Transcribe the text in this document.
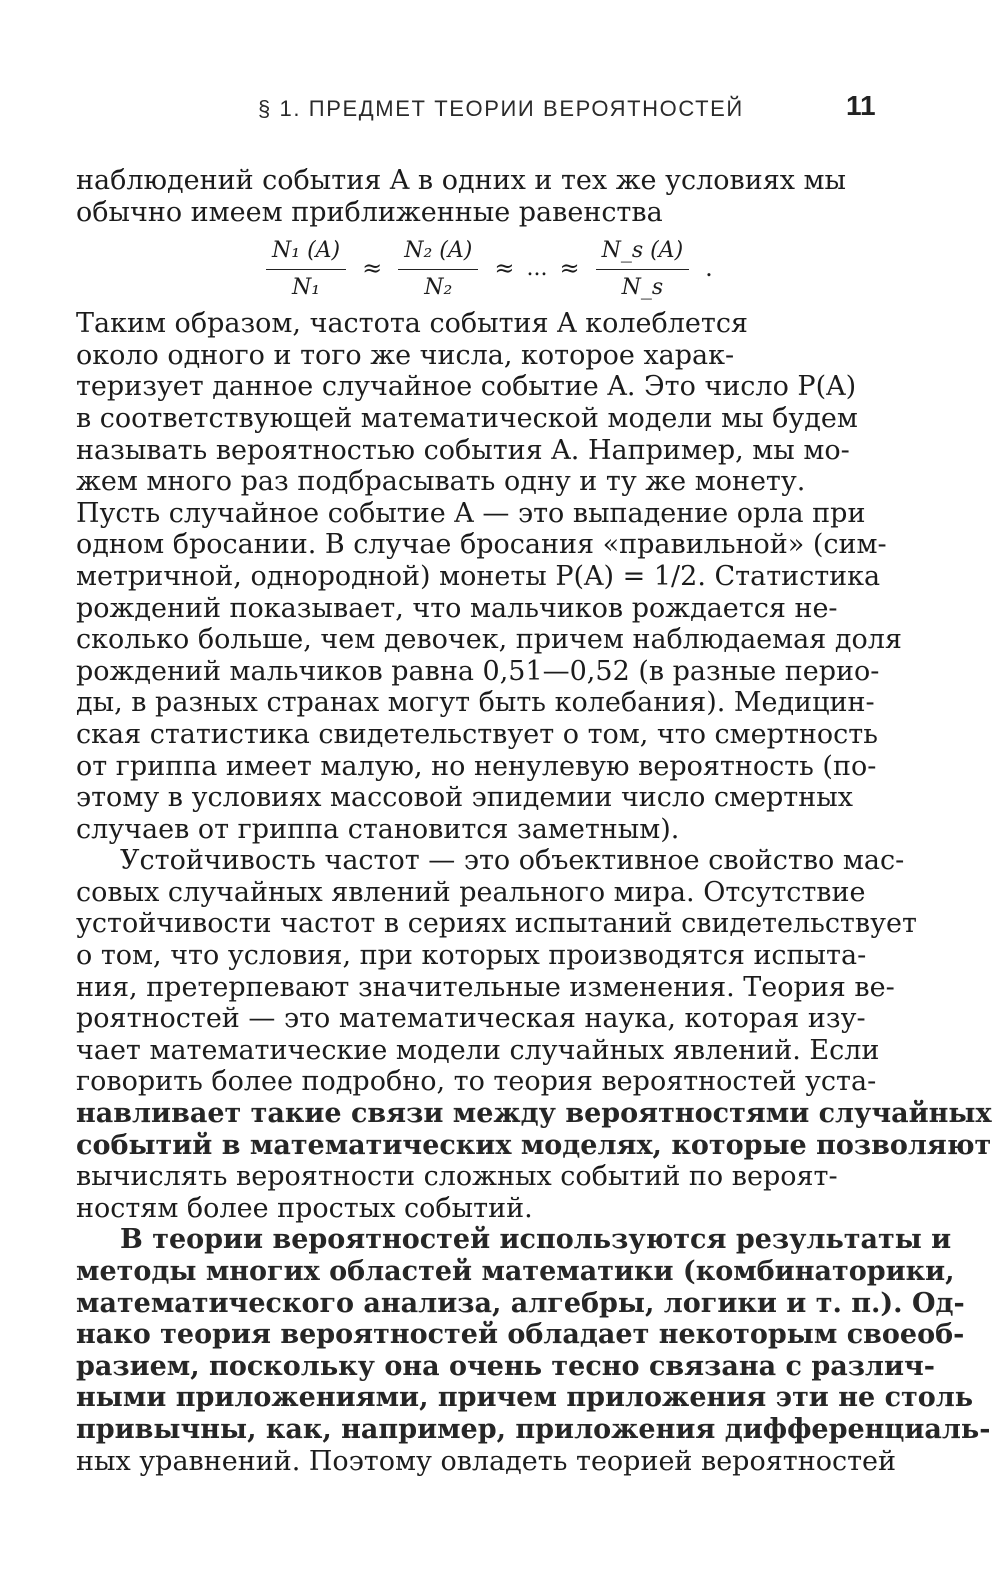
§ 1. ПРЕДМЕТ ТЕОРИИ ВЕРОЯТНОСТЕЙ	11
наблюдений события A в одних и тех же условиях мы
обычно имеем приближенные равенства
$\frac{\text{N₁ (A)}}{\text{N₁}} \approx \frac{\text{N₂ (A)}}{\text{N₂}}$ ≈ ... ≈ $\frac{N\_s (A)}{N\_s}$ .
Таким образом, частота события A колеблется
около одного и того же числа, которое харак-
теризует данное случайное событие A. Это число P(A)
в соответствующей математической модели мы будем
называть вероятностью события A. Например, мы мо-
жем много раз подбрасывать одну и ту же монету.
Пусть случайное событие A — это выпадение орла при
одном бросании. В случае бросания «правильной» (сим-
метричной, однородной) монеты P(A) = 1/2. Статистика
рождений показывает, что мальчиков рождается не-
сколько больше, чем девочек, причем наблюдаемая доля
рождений мальчиков равна 0,51—0,52 (в разные перио-
ды, в разных странах могут быть колебания). Медицин-
ская статистика свидетельствует о том, что смертность
от гриппа имеет малую, но ненулевую вероятность (по-
этому в условиях массовой эпидемии число смертных
случаев от гриппа становится заметным).
Устойчивость частот — это объективное свойство мас-
совых случайных явлений реального мира. Отсутствие
устойчивости частот в сериях испытаний свидетельствует
о том, что условия, при которых производятся испыта-
ния, претерпевают значительные изменения. Теория ве-
роятностей — это математическая наука, которая изу-
чает математические модели случайных явлений. Если
говорить более подробно, то теория вероятностей уста-
навливает такие связи между вероятностями случайных
событий в математических моделях, которые позволяют
вычислять вероятности сложных событий по вероят-
ностям более простых событий.
В теории вероятностей используются результаты и
методы многих областей математики (комбинаторики,
математического анализа, алгебры, логики и т. п.). Од-
нако теория вероятностей обладает некоторым своеоб-
разием, поскольку она очень тесно связана с различ-
ными приложениями, причем приложения эти не столь
привычны, как, например, приложения дифференциаль-
ных уравнений. Поэтому овладеть теорией вероятностей
